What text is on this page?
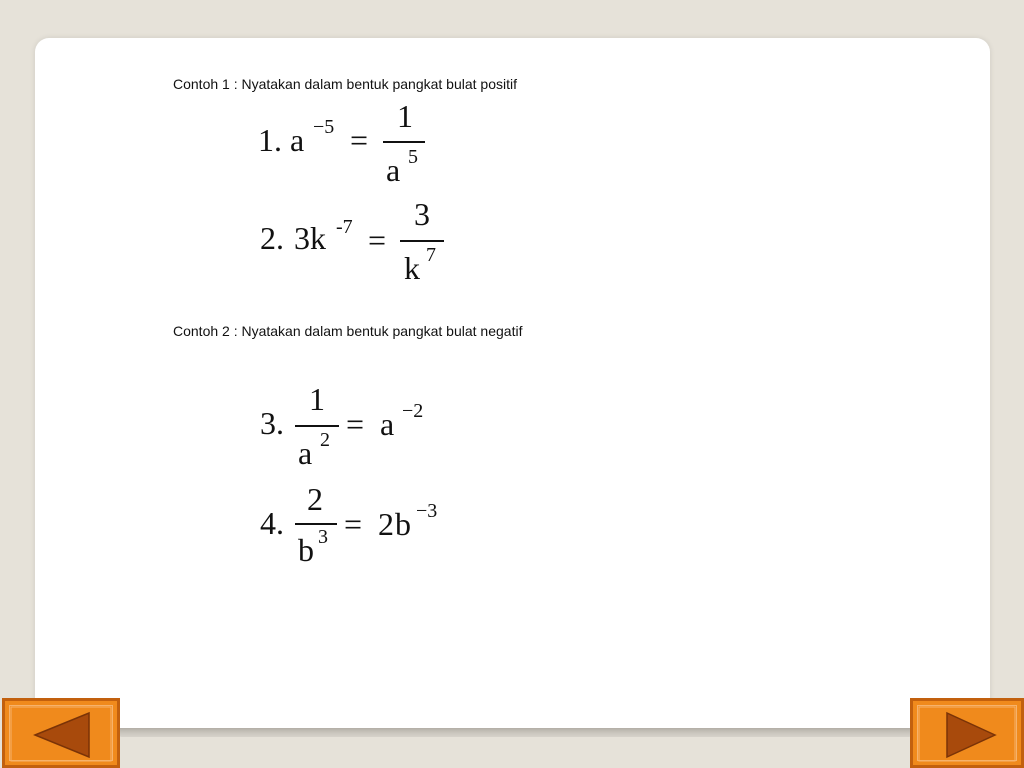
Contoh 1 : Nyatakan dalam bentuk pangkat bulat positif
1. a −5 =
1
a 5
2. 3k -7 =
3
k 7
Contoh 2 : Nyatakan dalam bentuk pangkat bulat negatif
3.
1
a 2 = a −2
4.
2
b 3 = 2 b −3
